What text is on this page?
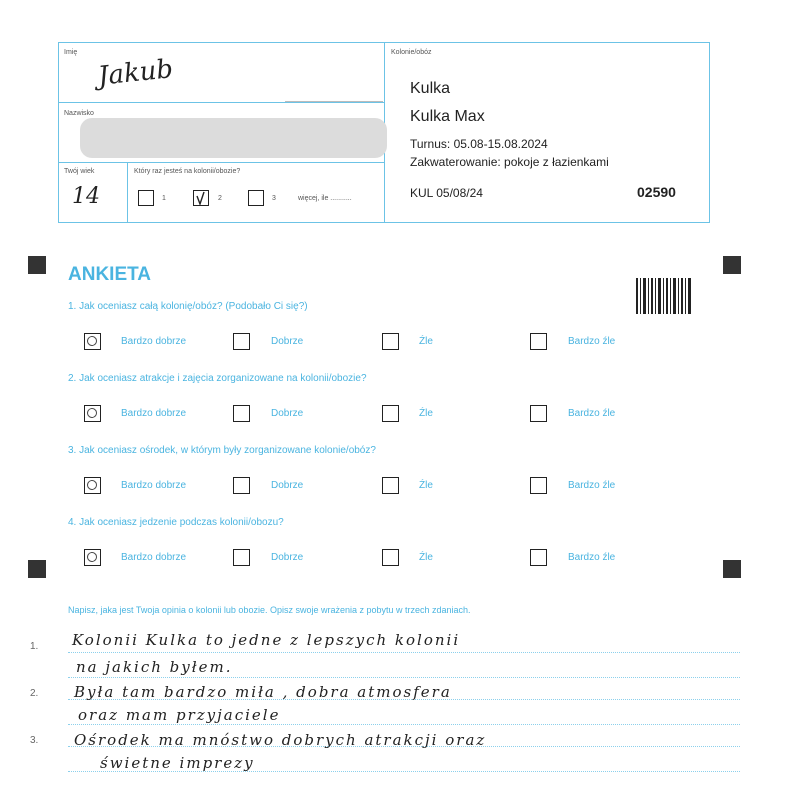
Imię
Jakub
Nazwisko
Twój wiek
14
Który raz jesteś na kolonii/obozie?
1	2	3	więcej, ile ...........
Kolonie/obóz
Kulka
Kulka Max
Turnus: 05.08-15.08.2024
Zakwaterowanie: pokoje z łazienkami
KUL 05/08/24	02590
ANKIETA
1. Jak oceniasz całą kolonię/obóz? (Podobało Ci się?)
Bardzo dobrze	Dobrze	Źle	Bardzo źle
2. Jak oceniasz atrakcje i zajęcia zorganizowane na kolonii/obozie?
Bardzo dobrze	Dobrze	Źle	Bardzo źle
3. Jak oceniasz ośrodek, w którym były zorganizowane kolonie/obóz?
Bardzo dobrze	Dobrze	Źle	Bardzo źle
4. Jak oceniasz jedzenie podczas kolonii/obozu?
Bardzo dobrze	Dobrze	Źle	Bardzo źle
Napisz, jaka jest Twoja opinia o kolonii lub obozie. Opisz swoje wrażenia z pobytu w trzech zdaniach.
1.
2.
3.
Kolonii Kulka to jedne z lepszych kolonii
na jakich byłem.
Była tam bardzo miła , dobra atmosfera
oraz mam przyjaciele
Ośrodek ma mnóstwo dobrych atrakcji oraz
świetne imprezy
